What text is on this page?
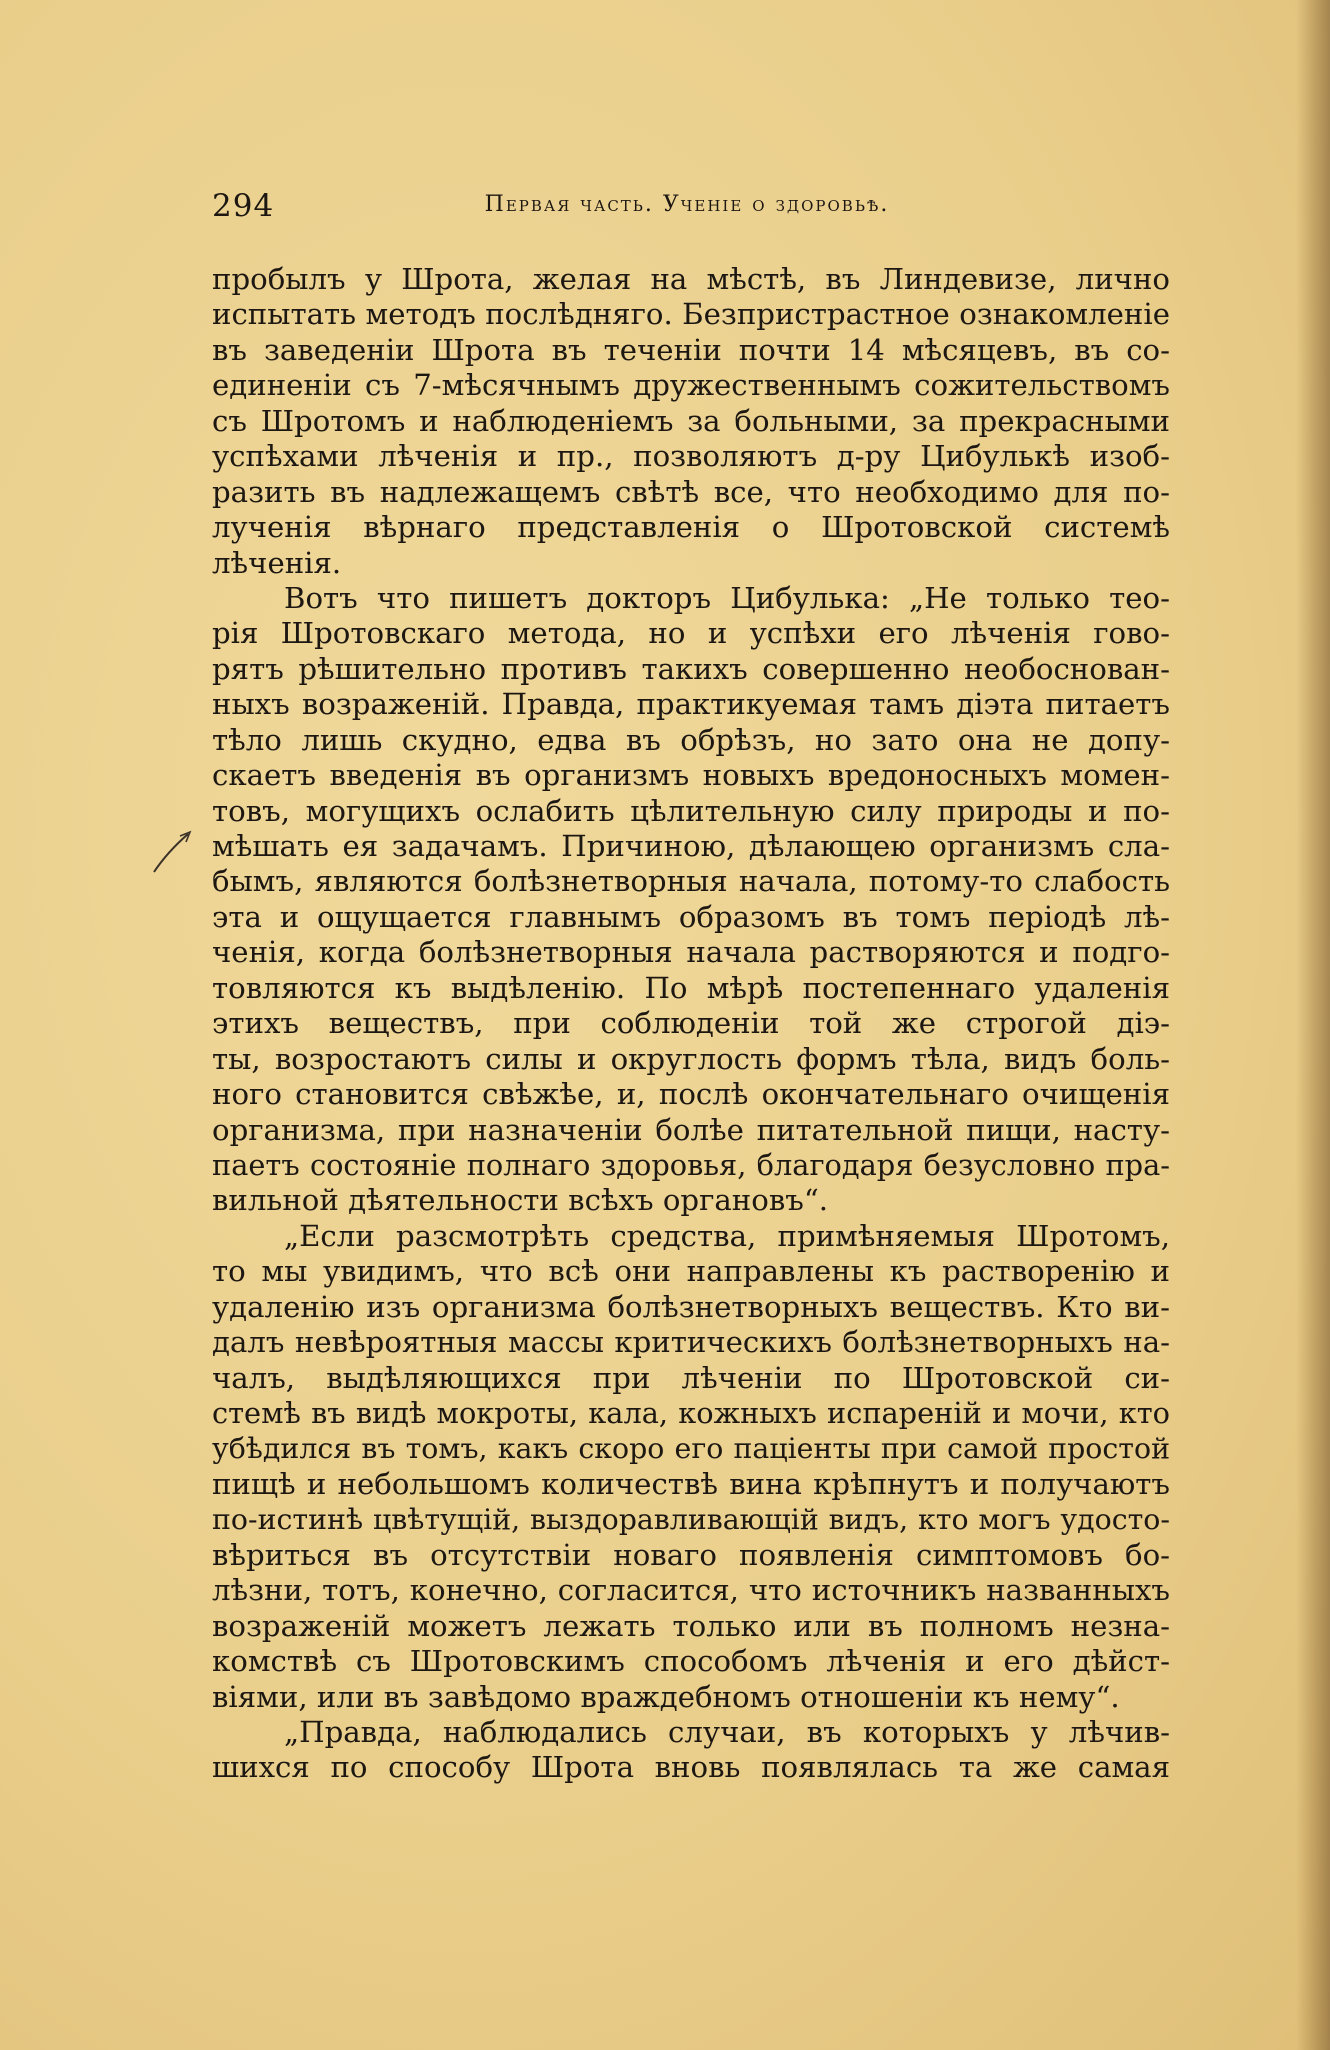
294	Первая часть. Ученіе о здоровьѣ.
пробылъ у Шрота, желая на мѣстѣ, въ Линдевизе, лично
испытать методъ послѣдняго. Безпристрастное ознакомленіе
въ заведеніи Шрота въ теченіи почти 14 мѣсяцевъ, въ со-
единеніи съ 7-мѣсячнымъ дружественнымъ сожительствомъ
съ Шротомъ и наблюденіемъ за больными, за прекрасными
успѣхами лѣченія и пр., позволяютъ д-ру Цибулькѣ изоб-
разить въ надлежащемъ свѣтѣ все, что необходимо для по-
лученія вѣрнаго представленія о Шротовской системѣ
лѣченія.
Вотъ что пишетъ докторъ Цибулька: „Не только тео-
рія Шротовскаго метода, но и успѣхи его лѣченія гово-
рятъ рѣшительно противъ такихъ совершенно необоснован-
ныхъ возраженій. Правда, практикуемая тамъ діэта питаетъ
тѣло лишь скудно, едва въ обрѣзъ, но зато она не допу-
скаетъ введенія въ организмъ новыхъ вредоносныхъ момен-
товъ, могущихъ ослабить цѣлительную силу природы и по-
мѣшать ея задачамъ. Причиною, дѣлающею организмъ сла-
бымъ, являются болѣзнетворныя начала, потому-то слабость
эта и ощущается главнымъ образомъ въ томъ періодѣ лѣ-
ченія, когда болѣзнетворныя начала растворяются и подго-
товляются къ выдѣленію. По мѣрѣ постепеннаго удаленія
этихъ веществъ, при соблюденіи той же строгой діэ-
ты, возростаютъ силы и округлость формъ тѣла, видъ боль-
ного становится свѣжѣе, и, послѣ окончательнаго очищенія
организма, при назначеніи болѣе питательной пищи, насту-
паетъ состояніе полнаго здоровья, благодаря безусловно пра-
вильной дѣятельности всѣхъ органовъ“.
„Если разсмотрѣть средства, примѣняемыя Шротомъ,
то мы увидимъ, что всѣ они направлены къ растворенію и
удаленію изъ организма болѣзнетворныхъ веществъ. Кто ви-
далъ невѣроятныя массы критическихъ болѣзнетворныхъ на-
чалъ, выдѣляющихся при лѣченіи по Шротовской си-
стемѣ въ видѣ мокроты, кала, кожныхъ испареній и мочи, кто
убѣдился въ томъ, какъ скоро его паціенты при самой простой
пищѣ и небольшомъ количествѣ вина крѣпнутъ и получаютъ
по-истинѣ цвѣтущій, выздоравливающій видъ, кто могъ удосто-
вѣриться въ отсутствіи новаго появленія симптомовъ бо-
лѣзни, тотъ, конечно, согласится, что источникъ названныхъ
возраженій можетъ лежать только или въ полномъ незна-
комствѣ съ Шротовскимъ способомъ лѣченія и его дѣйст-
віями, или въ завѣдомо враждебномъ отношеніи къ нему“.
„Правда, наблюдались случаи, въ которыхъ у лѣчив-
шихся по способу Шрота вновь появлялась та же самая
